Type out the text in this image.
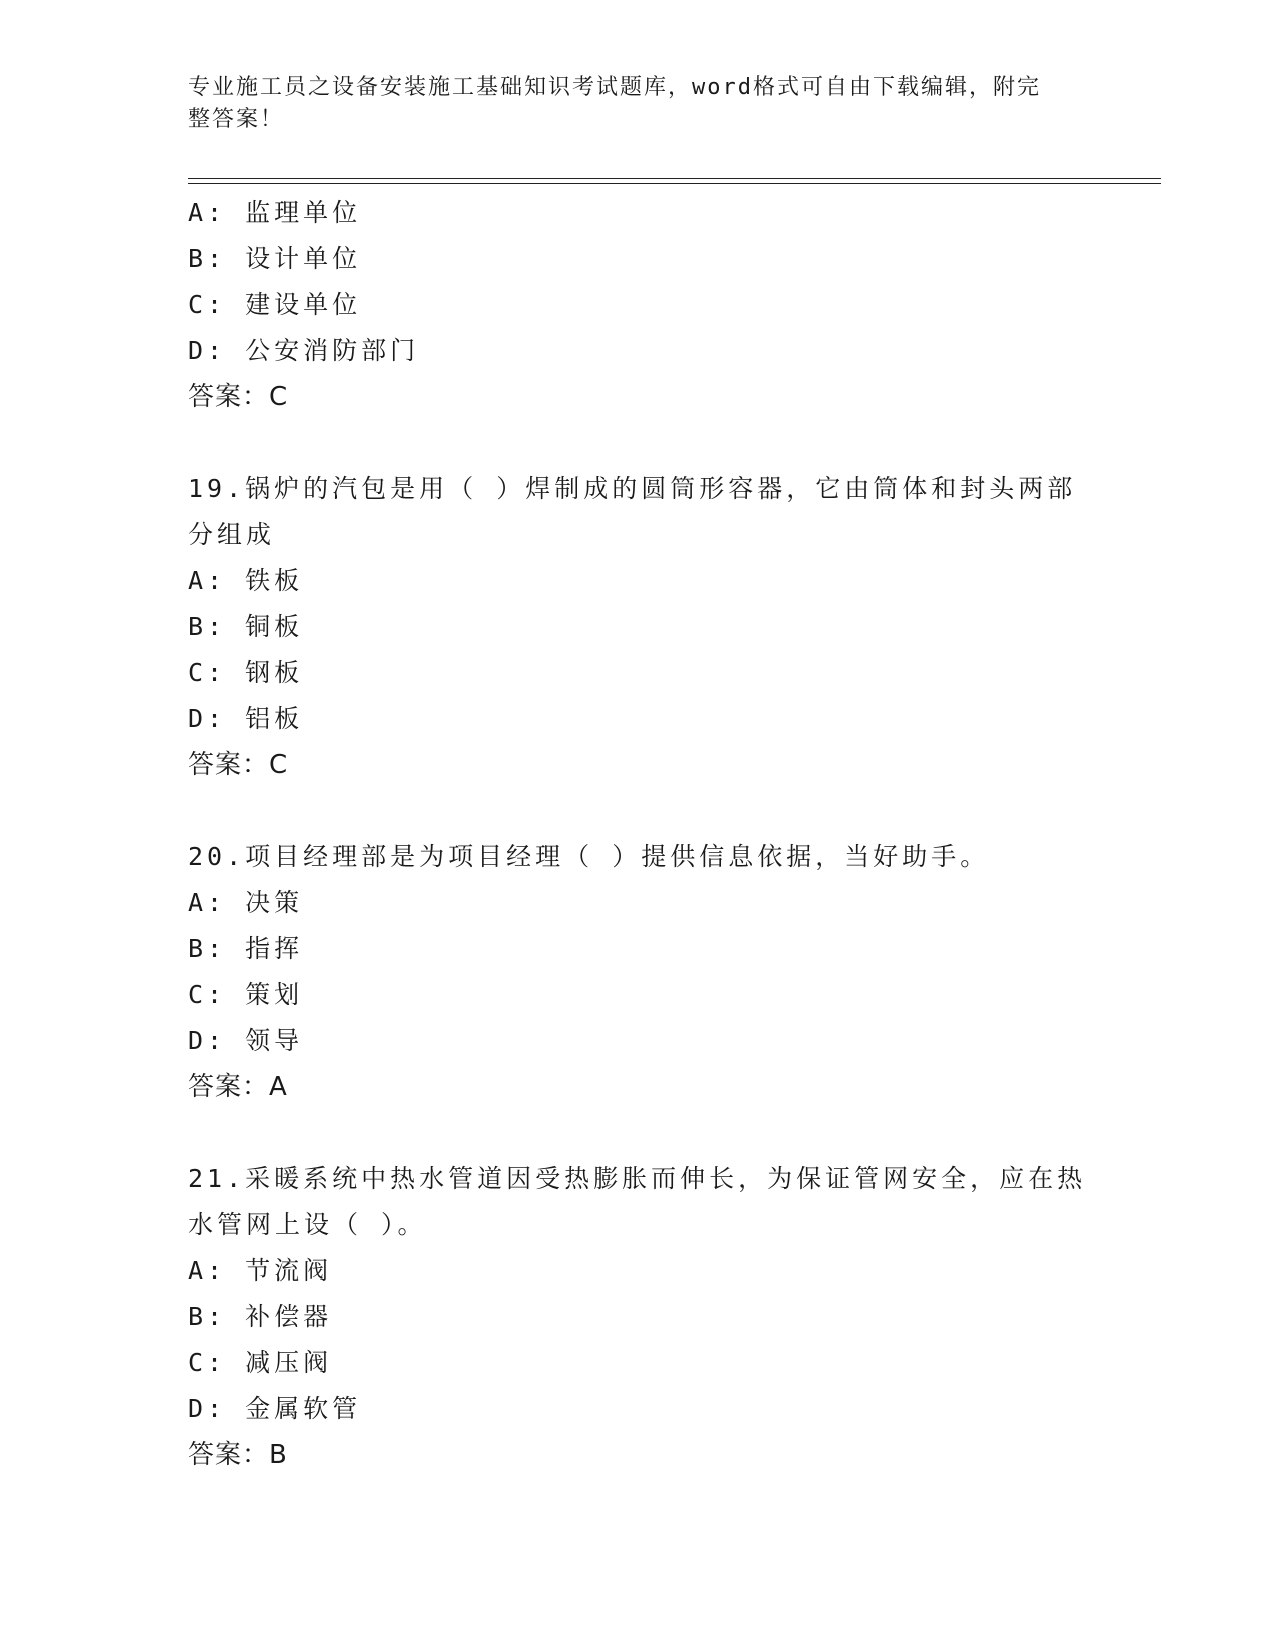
专业施工员之设备安装施工基础知识考试题库，word格式可自由下载编辑，附完
整答案！
A: 监理单位
B: 设计单位
C: 建设单位
D: 公安消防部门
答案：C
19.锅炉的汽包是用（ ）焊制成的圆筒形容器，它由筒体和封头两部
分组成
A: 铁板
B: 铜板
C: 钢板
D: 铝板
答案：C
20.项目经理部是为项目经理（ ）提供信息依据，当好助手。
A: 决策
B: 指挥
C: 策划
D: 领导
答案：A
21.采暖系统中热水管道因受热膨胀而伸长，为保证管网安全，应在热
水管网上设（ ）。
A: 节流阀
B: 补偿器
C: 减压阀
D: 金属软管
答案：B
